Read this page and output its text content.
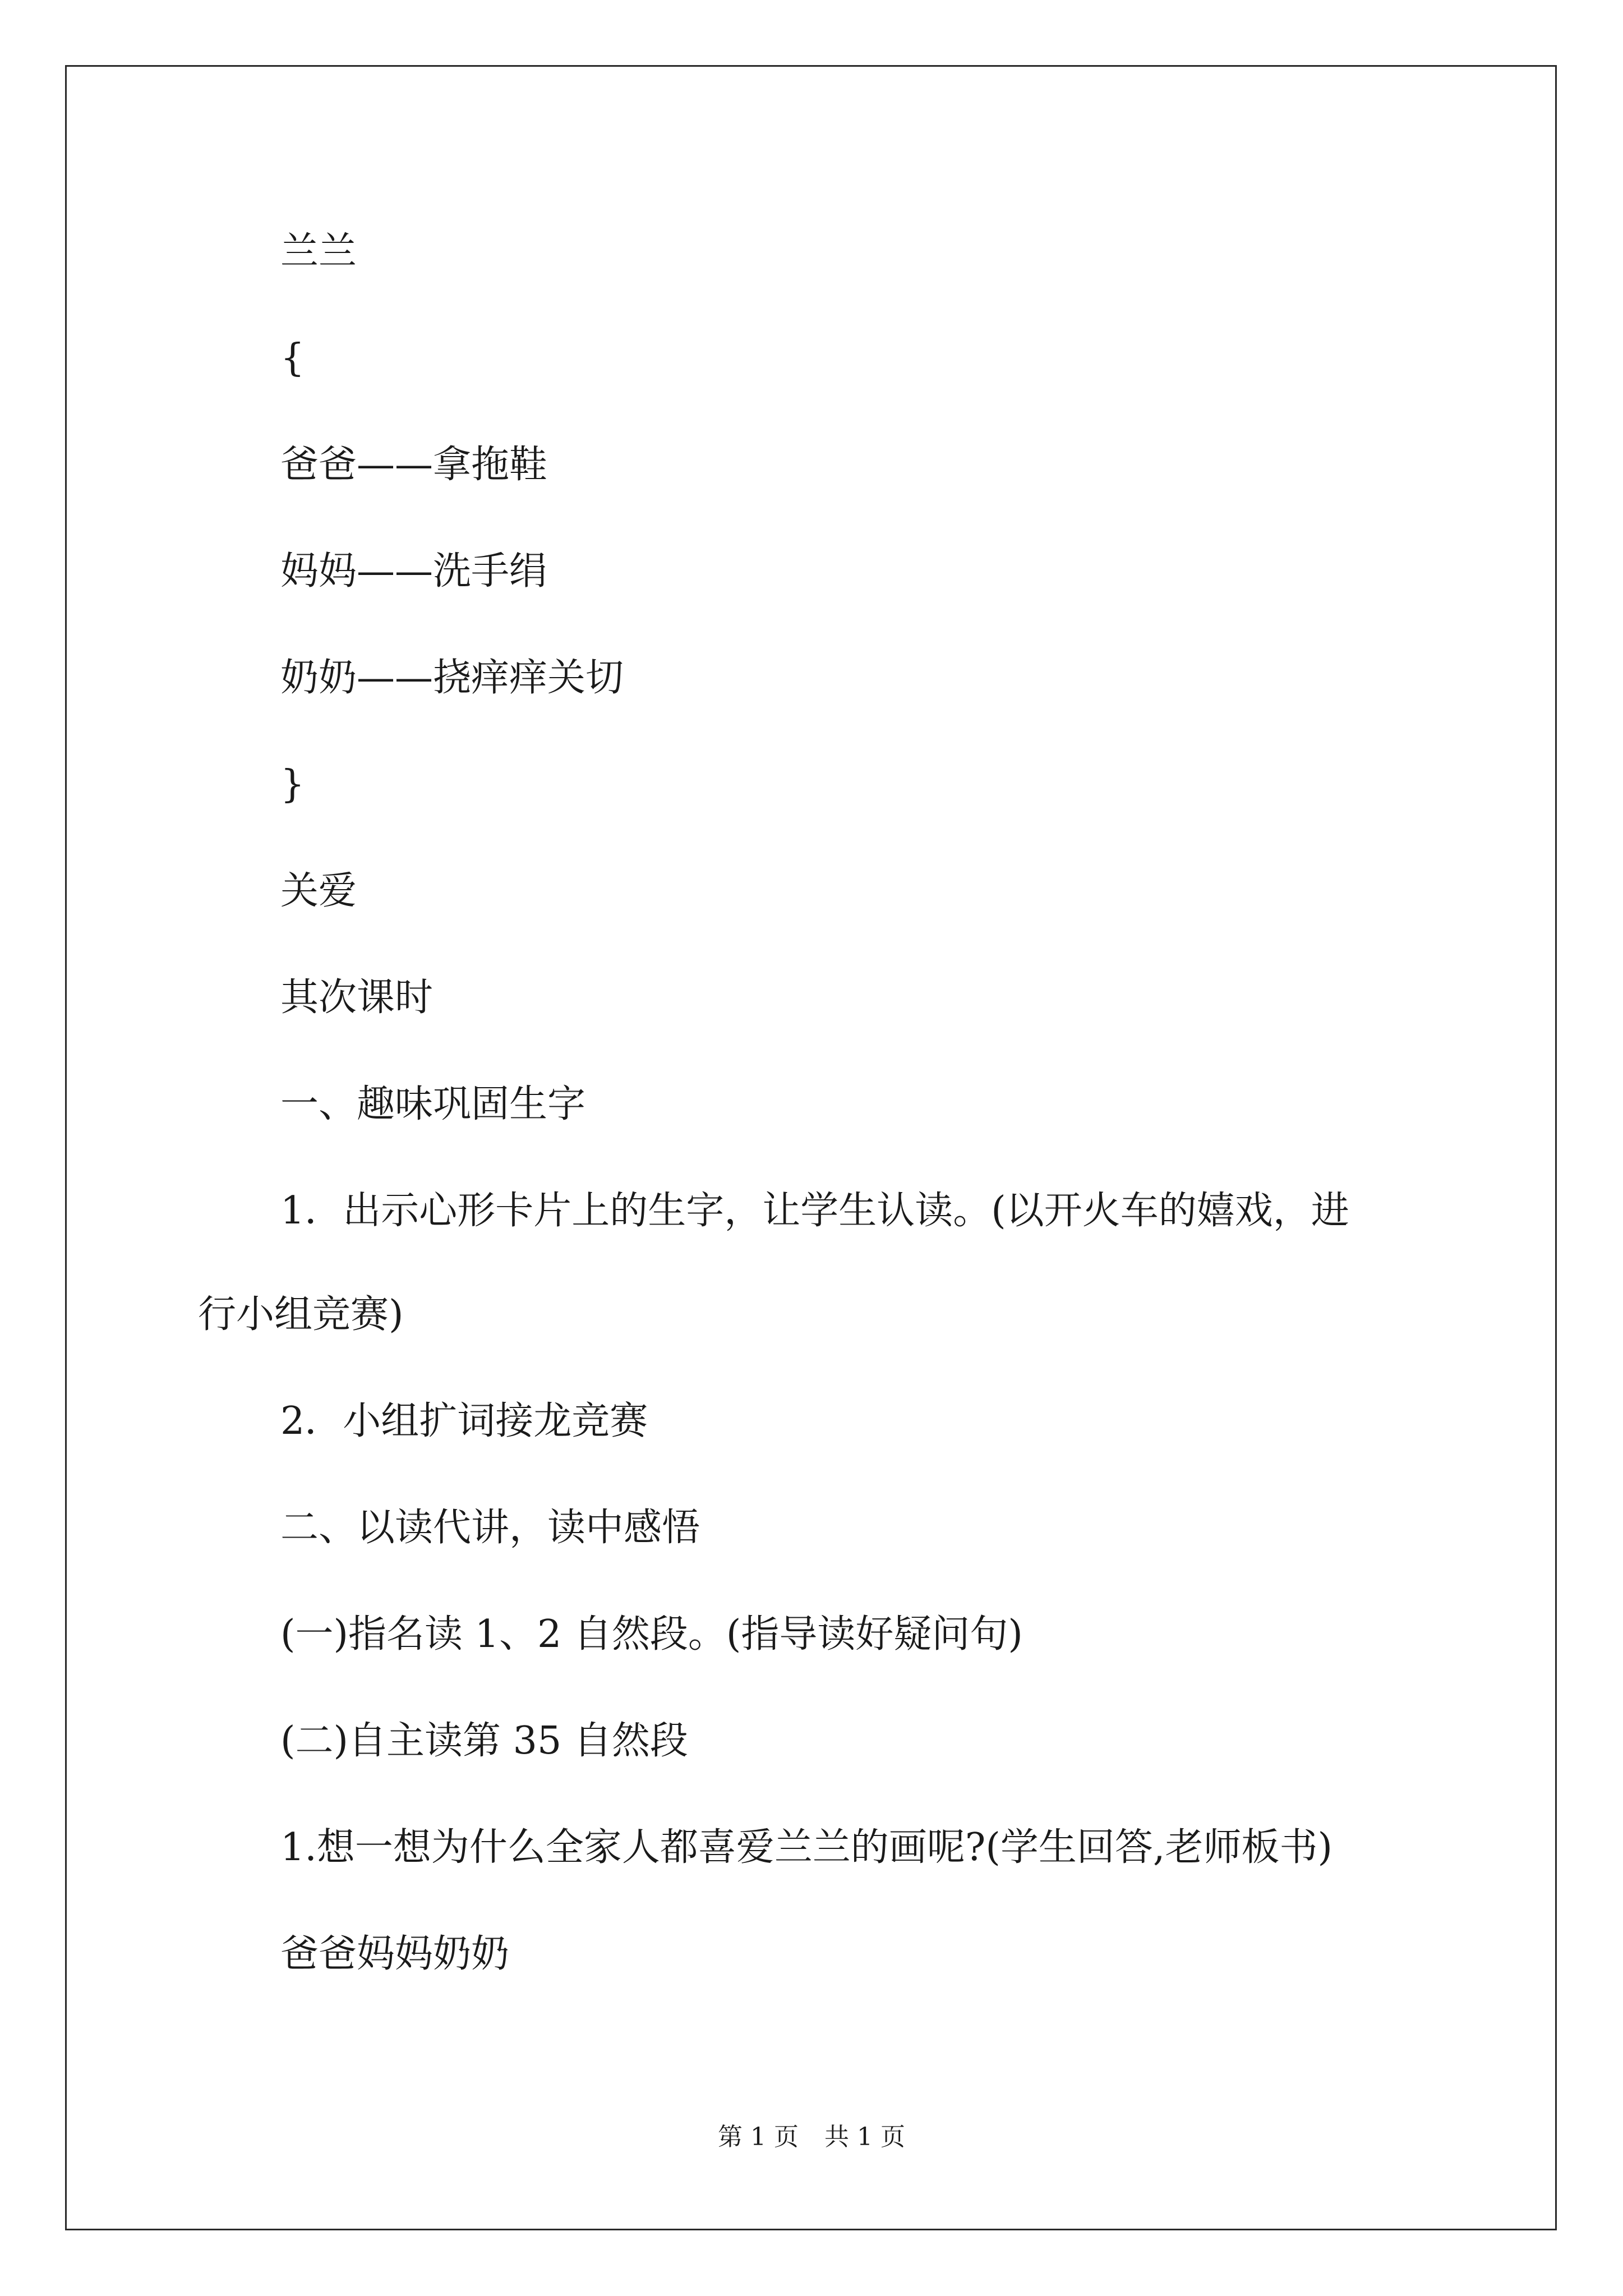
兰兰
{
爸爸——拿拖鞋
妈妈——洗手绢
奶奶——挠痒痒关切
}
关爱
其次课时
一、趣味巩固生字
1．出示心形卡片上的生字，让学生认读。(以开火车的嬉戏，进
行小组竞赛)
2．小组扩词接龙竞赛
二、以读代讲，读中感悟
(一)指名读 1、2 自然段。(指导读好疑问句)
(二)自主读第 35 自然段
1.想一想为什么全家人都喜爱兰兰的画呢?(学生回答,老师板书)
爸爸妈妈奶奶
第 1 页 共 1 页
